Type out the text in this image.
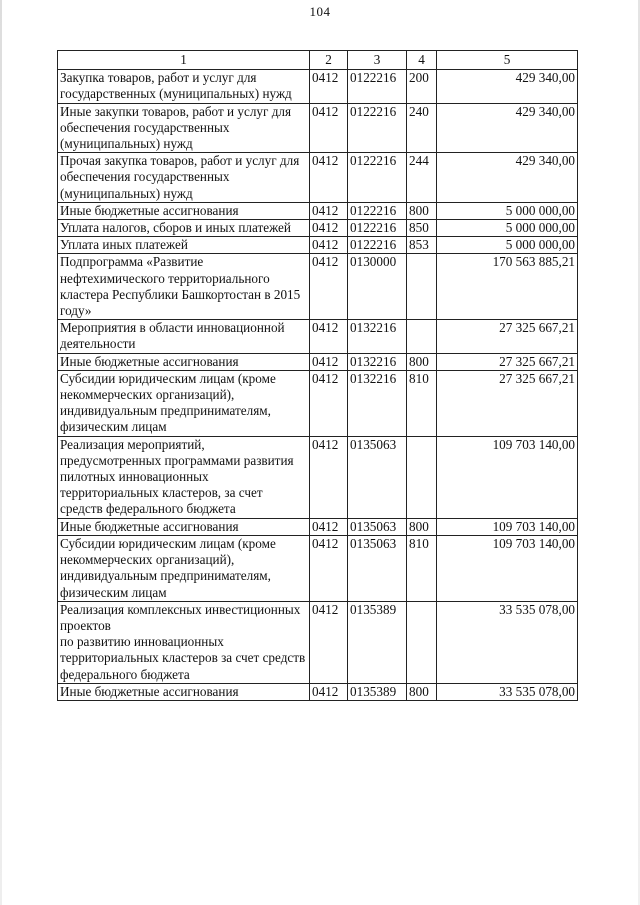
104
1	2	3	4	5
Закупка товаров, работ и услуг для государственных (муниципальных) нужд	0412	0122216	200	429 340,00
Иные закупки товаров, работ и услуг для обеспечения государственных (муниципальных) нужд	0412	0122216	240	429 340,00
Прочая закупка товаров, работ и услуг для обеспечения государственных (муниципальных) нужд	0412	0122216	244	429 340,00
Иные бюджетные ассигнования	0412	0122216	800	5 000 000,00
Уплата налогов, сборов и иных платежей	0412	0122216	850	5 000 000,00
Уплата иных платежей	0412	0122216	853	5 000 000,00
Подпрограмма «Развитие нефтехимического территориального кластера Республики Башкортостан в 2015 году»	0412	0130000		170 563 885,21
Мероприятия в области инновационной деятельности	0412	0132216		27 325 667,21
Иные бюджетные ассигнования	0412	0132216	800	27 325 667,21
Субсидии юридическим лицам (кроме некоммерческих организаций), индивидуальным предпринимателям, физическим лицам	0412	0132216	810	27 325 667,21
Реализация мероприятий, предусмотренных программами развития пилотных инновационных территориальных кластеров, за счет средств федерального бюджета	0412	0135063		109 703 140,00
Иные бюджетные ассигнования	0412	0135063	800	109 703 140,00
Субсидии юридическим лицам (кроме некоммерческих организаций), индивидуальным предпринимателям, физическим лицам	0412	0135063	810	109 703 140,00
Реализация комплексных инвестиционных проектов
по развитию инновационных территориальных кластеров за счет средств федерального бюджета	0412	0135389		33 535 078,00
Иные бюджетные ассигнования	0412	0135389	800	33 535 078,00
